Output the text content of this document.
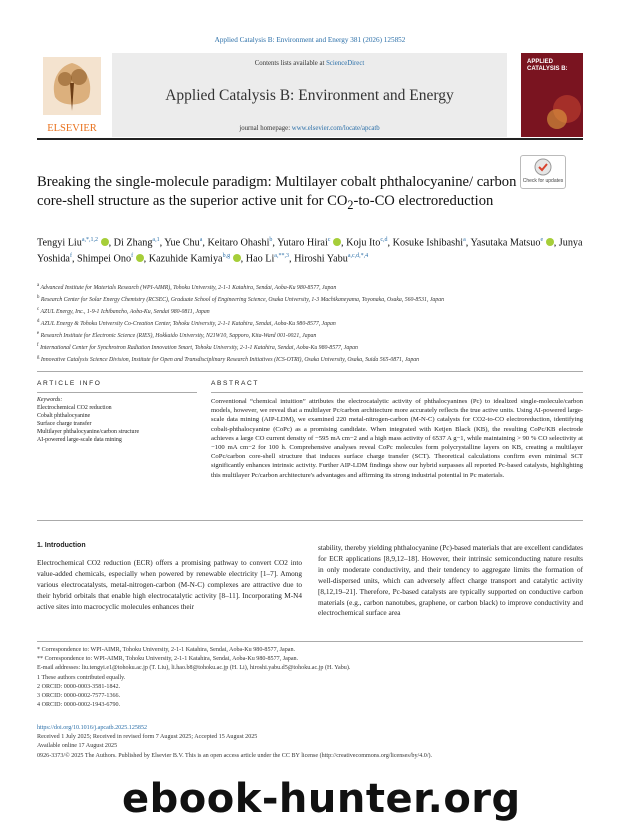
Applied Catalysis B: Environment and Energy 381 (2026) 125852
ELSEVIER
Contents lists available at ScienceDirect
Applied Catalysis B: Environment and Energy
journal homepage: www.elsevier.com/locate/apcatb
APPLIED CATALYSIS B:
Check for updates
Breaking the single-molecule paradigm: Multilayer cobalt phthalocyanine/ carbon core-shell structure as the superior active unit for $CO_2-to-CO$ electroreduction
Tengyi Liu$^{a,*,1,2}$ , Di Zhang$^{a,1}$, Yue Chu$^a$, Keitaro Ohashi$^b$, Yutaro Hirai$^c$ , Koju Ito$^{c,d}$, Kosuke Ishibashi$^a$, Yasutaka Matsuo$^e$ , Junya Yoshida$^f$, Shimpei Ono$^f$ , Kazuhide Kamiya$^{b,g}$ , Hao $Li^{a,**,3}$, Hiroshi Yabu$^{a,c,d,*,4}$
$^a$ Advanced Institute for Materials Research (WPI-AIMR), Tohoku University, 2-1-1 Katahira, Sendai, Aoba-Ku 980-8577, Japan
$^b$ Research Center for Solar Energy Chemistry (RCSEC), Graduate School of Engineering Science, Osaka University, 1-3 Machikaneyama, Toyonaka, Osaka, 560-8531, Japan
$^c$ AZUL Energy, Inc., 1-9-1 Ichibancho, Aoba-Ku, Sendai 980-0811, Japan
$^d$ AZUL Energy & Tohoku University Co-Creation Center, Tohoku University, 2-1-1 Katahira, Sendai, Aoba-Ku 980-8577, Japan
$^e$ Research Institute for Electronic Science (RIES), Hokkaido University, N21W10, Sapporo, Kita-Ward 001-0021, Japan
$^f$ International Center for Synchrotron Radiation Innovation Smart, Tohoku University, 2-1-1 Katahira, Sendai, Aoba-Ku 980-8577, Japan
$^g$ Innovative Catalysis Science Division, Institute for Open and Transdisciplinary Research Initiatives (ICS-OTRI), Osaka University, Osaka, Suida 565-0871, Japan
ARTICLE INFO	ABSTRACT
Keywords:
Electrochemical CO2 reduction
Cobalt phthalocyanine
Surface charge transfer
Multilayer phthalocyanine/carbon structure
AI-powered large-scale data mining
Conventional “chemical intuition” attributes the electrocatalytic activity of phthalocyanines (Pc) to idealized single-molecule/carbon models, however, we reveal that a multilayer Pc/carbon architecture more accurately reflects the true active units. Using AI-powered large-scale data mining (AIP-LDM), we examined 220 metal-nitrogen-carbon (M-N-C) catalysts for CO2-to-CO electroreduction, identifying cobalt-phthalocyanine (CoPc) as a promising candidate. When integrated with Ketjen Black (KB), the resulting CoPc/KB electrode achieves a large CO current density of −595 mA cm−2 and a high mass activity of 6537 A g−1, while maintaining > 90 % CO selectivity at −100 mA cm−2 for 100 h. Comprehensive analyses reveal CoPc molecules form polycrystalline layers on KB, creating a multilayer CoPc/carbon core-shell structure that induces surface charge transfer (SCT). Theoretical calculations confirm even minimal SCT significantly enhances intrinsic activity. Further AIP-LDM findings show our hybrid surpasses all reported Pc-based catalysts, highlighting this multilayer Pc/carbon architecture's advantages and affirming its strong industrial potential in Pc materials.
1. Introduction
Electrochemical CO2 reduction (ECR) offers a promising pathway to convert CO2 into value-added chemicals, especially when powered by renewable electricity [1–7]. Among various electrocatalysts, metal-nitrogen-carbon (M-N-C) complexes are attractive due to their hybrid orbitals that enable high electrocatalytic activity [8–11]. Incorporating M-N4 active sites into macrocyclic molecules enhances their
stability, thereby yielding phthalocyanine (Pc)-based materials that are excellent candidates for ECR applications [8,9,12–18]. However, their intrinsic semiconducting nature results in only moderate conductivity, and their tendency to aggregate limits the formation of well-dispersed units, which can adversely affect charge transport and catalytic activity [8,12,19–21]. Therefore, Pc-based catalysts are typically supported on conductive carbon materials (e.g., carbon nanotubes, graphene, or carbon black) to improve conductivity and electrochemical surface area
* Correspondence to: WPI-AIMR, Tohoku University, 2-1-1 Katahira, Sendai, Aoba-Ku 980-8577, Japan.
** Correspondence to: WPI-AIMR, Tohoku University, 2-1-1 Katahira, Sendai, Aoba-Ku 980-8577, Japan.
E-mail addresses: liu.tengyi.e1@tohoku.ac.jp (T. Liu), li.hao.b8@tohoku.ac.jp (H. Li), hiroshi.yabu.d5@tohoku.ac.jp (H. Yabu).
1 These authors contributed equally.
2 ORCID: 0000-0003-3581-1842.
3 ORCID: 0000-0002-7577-1366.
4 ORCID: 0000-0002-1943-6790.
https://doi.org/10.1016/j.apcatb.2025.125852
Received 1 July 2025; Received in revised form 7 August 2025; Accepted 15 August 2025
Available online 17 August 2025
0926-3373/© 2025 The Authors. Published by Elsevier B.V. This is an open access article under the CC BY license (http://creativecommons.org/licenses/by/4.0/).
ebook-hunter.org
